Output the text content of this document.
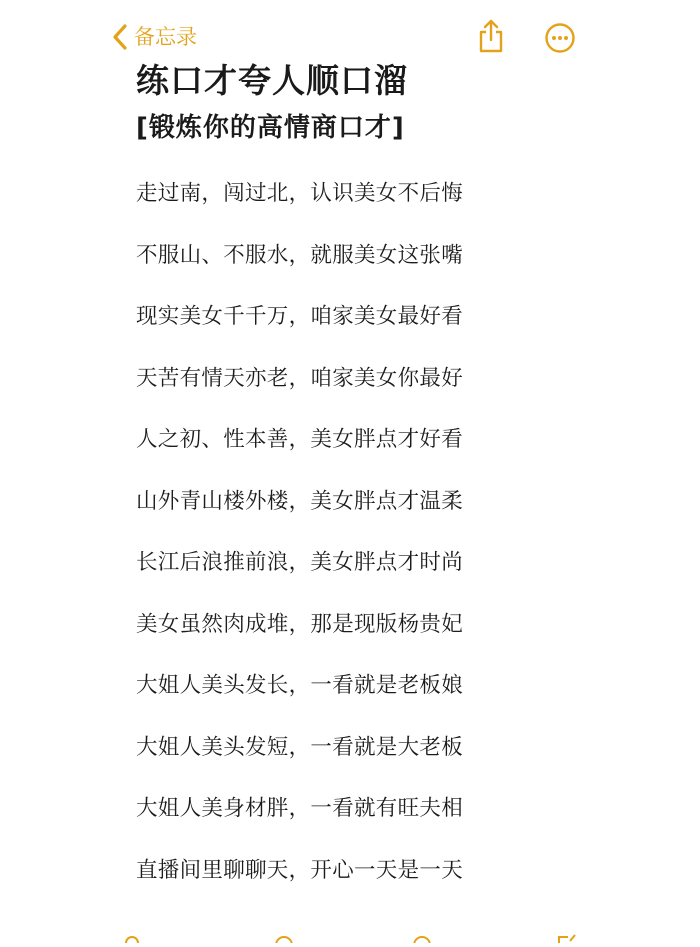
备忘录
练口才夸人顺口溜
[锻炼你的高情商口才]
走过南，闯过北，认识美女不后悔
不服山、不服水，就服美女这张嘴
现实美女千千万，咱家美女最好看
天苦有情天亦老，咱家美女你最好
人之初、性本善，美女胖点才好看
山外青山楼外楼，美女胖点才温柔
长江后浪推前浪，美女胖点才时尚
美女虽然肉成堆，那是现版杨贵妃
大姐人美头发长，一看就是老板娘
大姐人美头发短，一看就是大老板
大姐人美身材胖，一看就有旺夫相
直播间里聊聊天，开心一天是一天
